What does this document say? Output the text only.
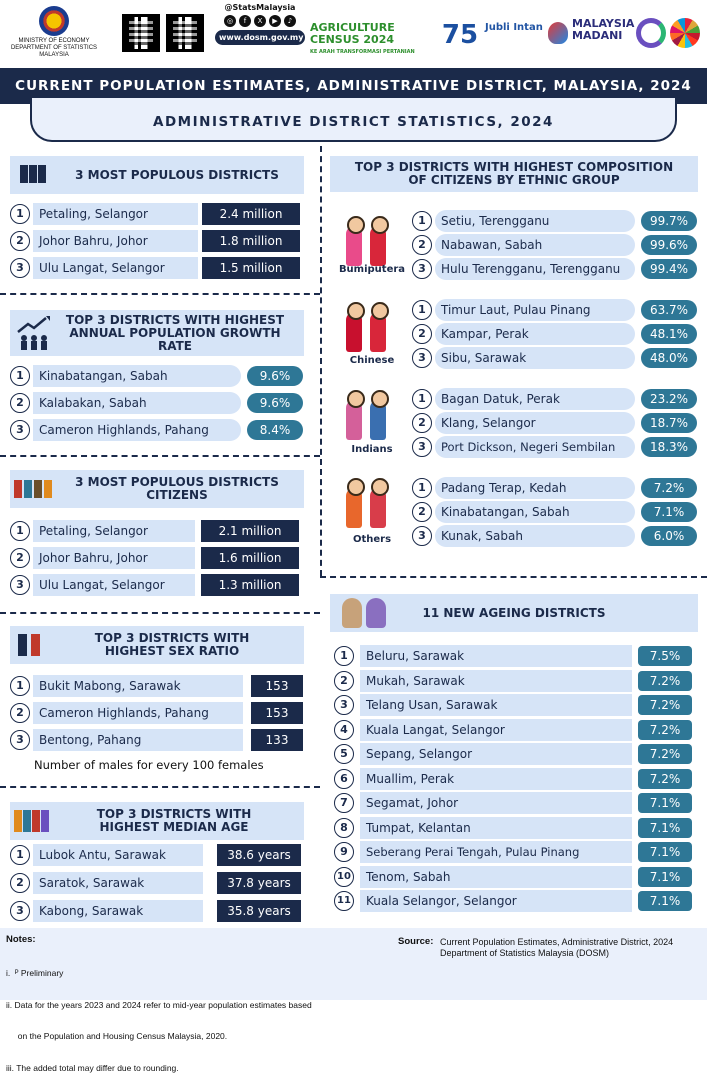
MINISTRY OF ECONOMY
DEPARTMENT OF STATISTICS MALAYSIA
@StatsMalaysia
◎	f	X	▶	♪
www.dosm.gov.my
AGRICULTURE CENSUS 2024
KE ARAH TRANSFORMASI PERTANIAN
75 Jubli Intan	MALAYSIA MADANI
CURRENT POPULATION ESTIMATES, ADMINISTRATIVE DISTRICT, MALAYSIA, 2024
ADMINISTRATIVE DISTRICT STATISTICS, 2024
3 MOST POPULOUS DISTRICTS
1	Petaling, Selangor	2.4 million
2	Johor Bahru, Johor	1.8 million
3	Ulu Langat, Selangor	1.5 million
TOP 3 DISTRICTS WITH HIGHEST ANNUAL POPULATION GROWTH RATE
1	Kinabatangan, Sabah	9.6%
2	Kalabakan, Sabah	9.6%
3	Cameron Highlands, Pahang	8.4%
3 MOST POPULOUS DISTRICTS CITIZENS
1	Petaling, Selangor	2.1 million
2	Johor Bahru, Johor	1.6 million
3	Ulu Langat, Selangor	1.3 million
TOP 3 DISTRICTS WITH HIGHEST SEX RATIO
1	Bukit Mabong, Sarawak	153
2	Cameron Highlands, Pahang	153
3	Bentong, Pahang	133
Number of males for every 100 females
TOP 3 DISTRICTS WITH HIGHEST MEDIAN AGE
1	Lubok Antu, Sarawak	38.6 years
2	Saratok, Sarawak	37.8 years
3	Kabong, Sarawak	35.8 years
TOP 3 DISTRICTS WITH HIGHEST COMPOSITION OF CITIZENS BY ETHNIC GROUP
Bumiputera
1	Setiu, Terengganu	99.7%
2	Nabawan, Sabah	99.6%
3	Hulu Terengganu, Terengganu	99.4%
Chinese
1	Timur Laut, Pulau Pinang	63.7%
2	Kampar, Perak	48.1%
3	Sibu, Sarawak	48.0%
Indians
1	Bagan Datuk, Perak	23.2%
2	Klang, Selangor	18.7%
3	Port Dickson, Negeri Sembilan	18.3%
Others
1	Padang Terap, Kedah	7.2%
2	Kinabatangan, Sabah	7.1%
3	Kunak, Sabah	6.0%
11 NEW AGEING DISTRICTS
1	Beluru, Sarawak	7.5%
2	Mukah, Sarawak	7.2%
3	Telang Usan, Sarawak	7.2%
4	Kuala Langat, Selangor	7.2%
5	Sepang, Selangor	7.2%
6	Muallim, Perak	7.2%
7	Segamat, Johor	7.1%
8	Tumpat, Kelantan	7.1%
9	Seberang Perai Tengah, Pulau Pinang	7.1%
10	Tenom, Sabah	7.1%
11	Kuala Selangor, Selangor	7.1%
Notes:

i.  ᴾ Preliminary

ii. Data for the years 2023 and 2024 refer to mid-year population estimates based

on the Population and Housing Census Malaysia, 2020.

iii. The added total may differ due to rounding.

Source: Current Population Estimates, Administrative District, 2024
Department of Statistics Malaysia (DOSM)
